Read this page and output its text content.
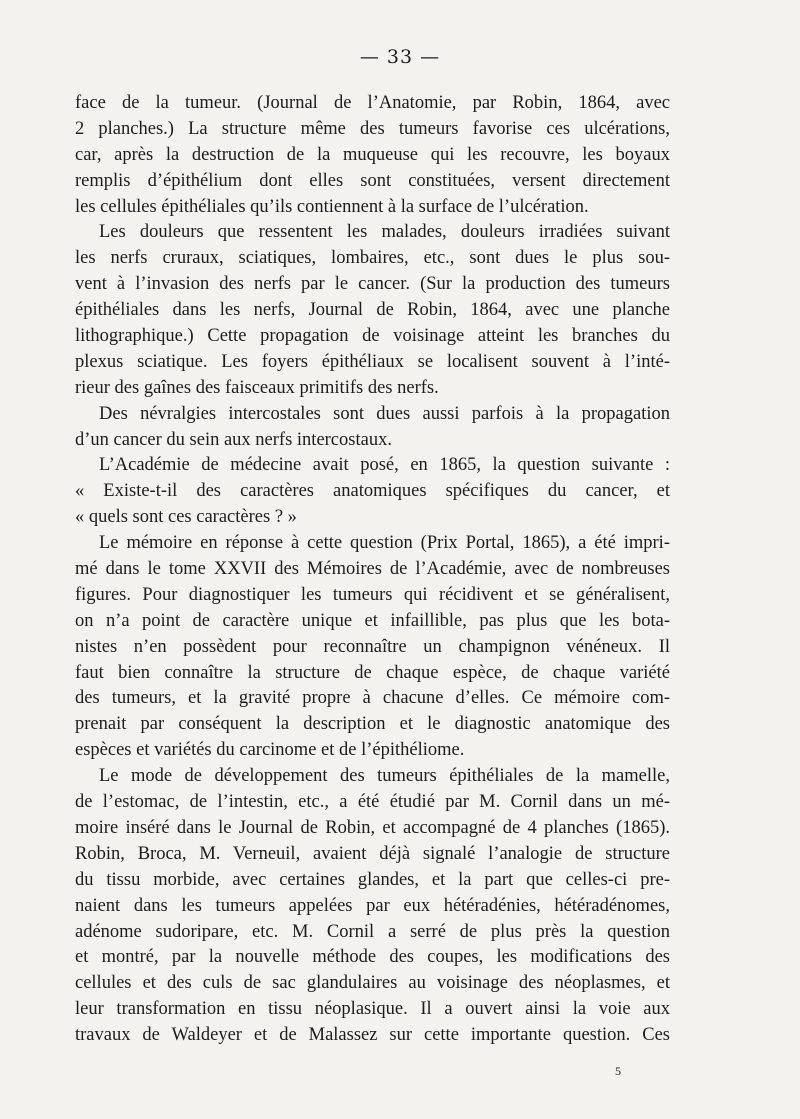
— 33 —
face de la tumeur. (Journal de l’Anatomie, par Robin, 1864, avec
2 planches.) La structure même des tumeurs favorise ces ulcérations,
car, après la destruction de la muqueuse qui les recouvre, les boyaux
remplis d’épithélium dont elles sont constituées, versent directement
les cellules épithéliales qu’ils contiennent à la surface de l’ulcération.
Les douleurs que ressentent les malades, douleurs irradiées suivant
les nerfs cruraux, sciatiques, lombaires, etc., sont dues le plus sou-
vent à l’invasion des nerfs par le cancer. (Sur la production des tumeurs
épithéliales dans les nerfs, Journal de Robin, 1864, avec une planche
lithographique.) Cette propagation de voisinage atteint les branches du
plexus sciatique. Les foyers épithéliaux se localisent souvent à l’inté-
rieur des gaînes des faisceaux primitifs des nerfs.
Des névralgies intercostales sont dues aussi parfois à la propagation
d’un cancer du sein aux nerfs intercostaux.
L’Académie de médecine avait posé, en 1865, la question suivante :
« Existe-t-il des caractères anatomiques spécifiques du cancer, et
« quels sont ces caractères ? »
Le mémoire en réponse à cette question (Prix Portal, 1865), a été impri-
mé dans le tome XXVII des Mémoires de l’Académie, avec de nombreuses
figures. Pour diagnostiquer les tumeurs qui récidivent et se généralisent,
on n’a point de caractère unique et infaillible, pas plus que les bota-
nistes n’en possèdent pour reconnaître un champignon vénéneux. Il
faut bien connaître la structure de chaque espèce, de chaque variété
des tumeurs, et la gravité propre à chacune d’elles. Ce mémoire com-
prenait par conséquent la description et le diagnostic anatomique des
espèces et variétés du carcinome et de l’épithéliome.
Le mode de développement des tumeurs épithéliales de la mamelle,
de l’estomac, de l’intestin, etc., a été étudié par M. Cornil dans un mé-
moire inséré dans le Journal de Robin, et accompagné de 4 planches (1865).
Robin, Broca, M. Verneuil, avaient déjà signalé l’analogie de structure
du tissu morbide, avec certaines glandes, et la part que celles-ci pre-
naient dans les tumeurs appelées par eux hétéradénies, hétéradénomes,
adénome sudoripare, etc. M. Cornil a serré de plus près la question
et montré, par la nouvelle méthode des coupes, les modifications des
cellules et des culs de sac glandulaires au voisinage des néoplasmes, et
leur transformation en tissu néoplasique. Il a ouvert ainsi la voie aux
travaux de Waldeyer et de Malassez sur cette importante question. Ces
5
